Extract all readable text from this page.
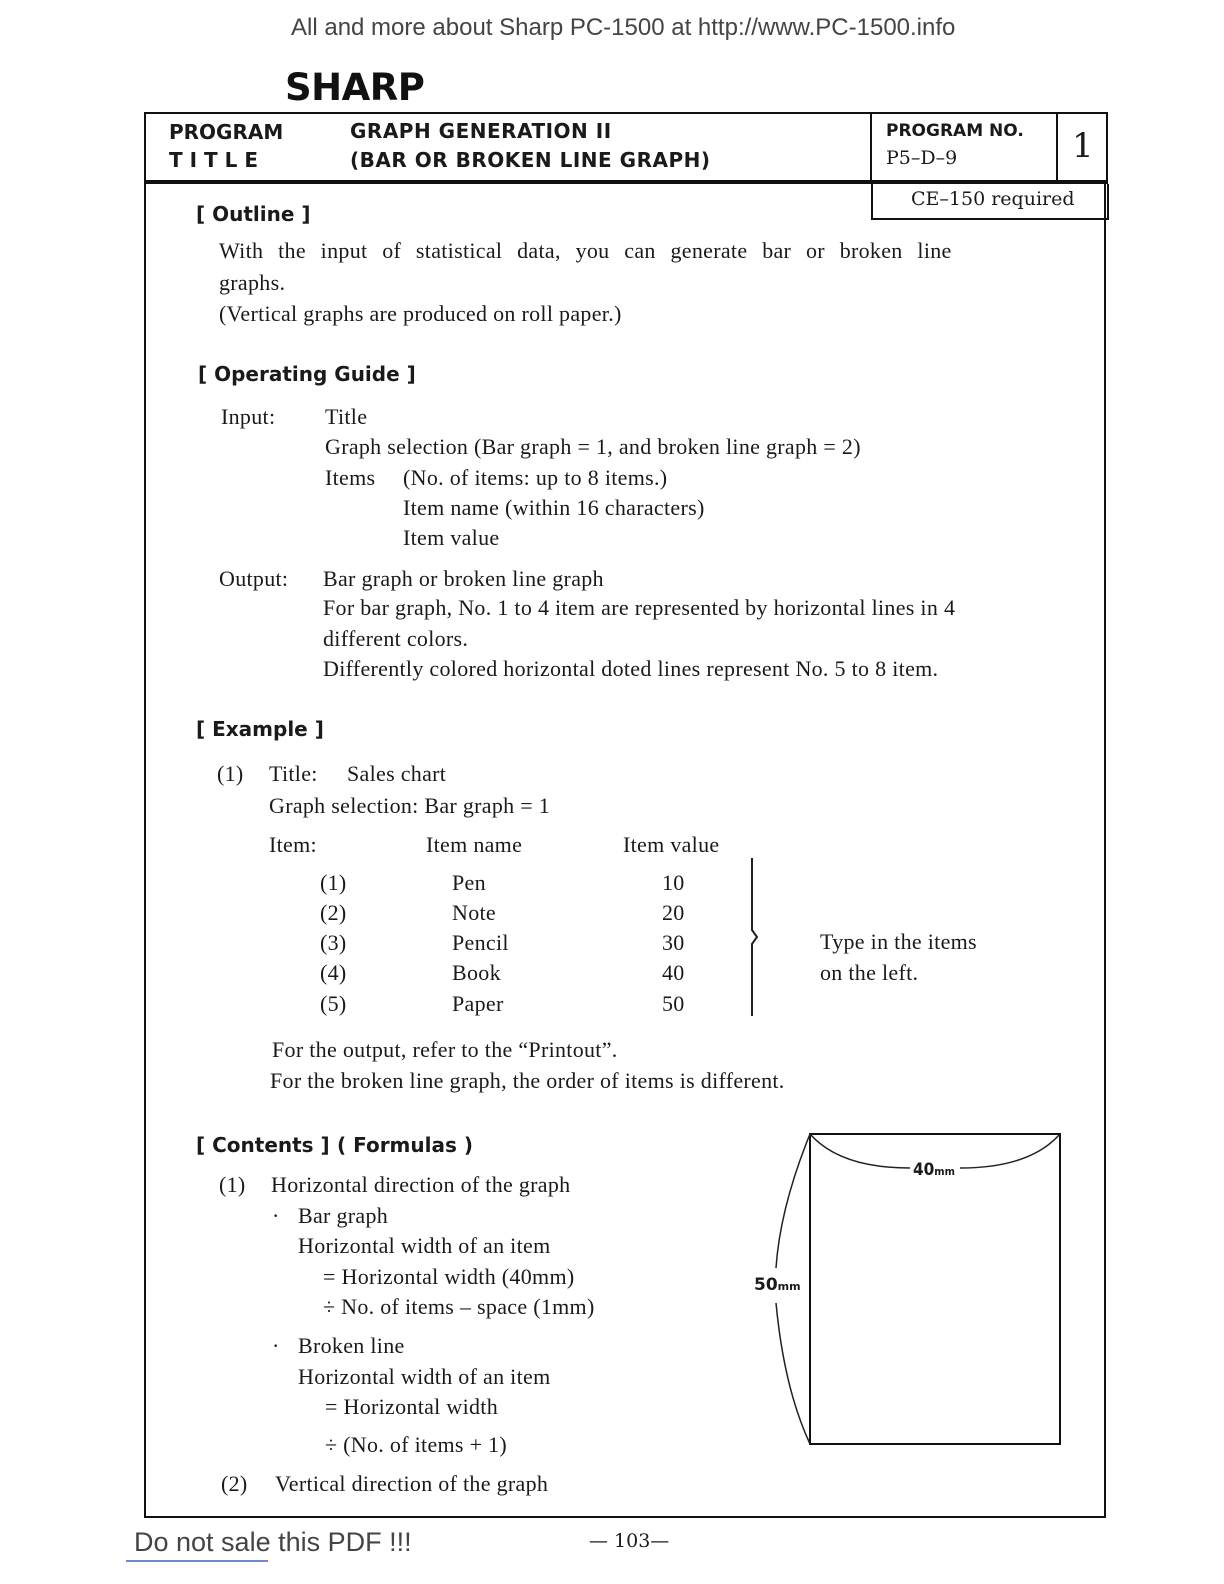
All and more about Sharp PC-1500 at http://www.PC-1500.info
SHARP
PROGRAM
T I T L E
GRAPH GENERATION II
(BAR OR BROKEN LINE GRAPH)
PROGRAM NO.
P5–D–9	1
CE–150 required
[ Outline ]
With the input of statistical data, you can generate bar or broken line
graphs.
(Vertical graphs are produced on roll paper.)
[ Operating Guide ]
Input: Title
Graph selection (Bar graph = 1, and broken line graph = 2)
Items (No. of items: up to 8 items.)
Item name (within 16 characters)
Item value
Output: Bar graph or broken line graph
For bar graph, No. 1 to 4 item are represented by horizontal lines in 4
different colors.
Differently colored horizontal doted lines represent No. 5 to 8 item.
[ Example ]
(1) Title: Sales chart
Graph selection: Bar graph = 1
Item:	Item name	Item value
(1)	Pen	10
(2)	Note	20
(3)	Pencil	30
(4)	Book	40
(5)	Paper	50
Type in the items
on the left.
For the output, refer to the “Printout”.
For the broken line graph, the order of items is different.
[ Contents ] ( Formulas )
(1) Horizontal direction of the graph
· Bar graph
Horizontal width of an item
= Horizontal width (40mm)
÷ No. of items – space (1mm)
· Broken line
Horizontal width of an item
= Horizontal width
÷ (No. of items + 1)
(2) Vertical direction of the graph
40mm
50mm
Do not sale this PDF !!!	— 103—
